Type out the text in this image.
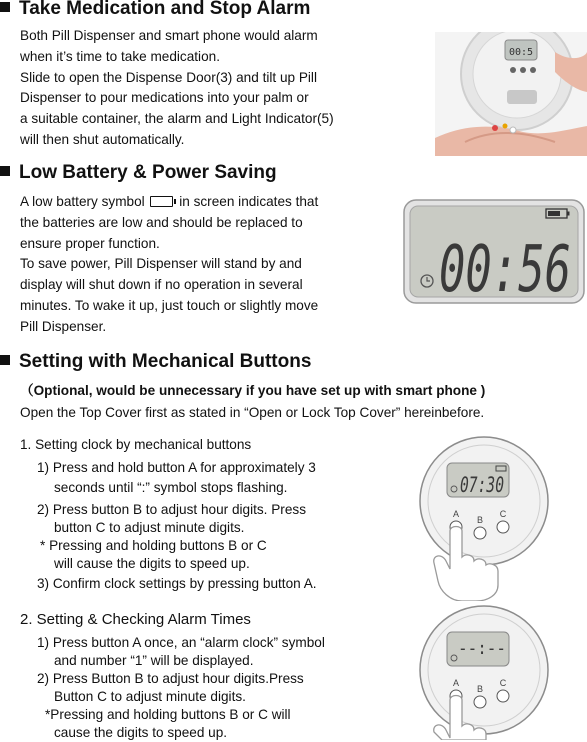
Take Medication and Stop Alarm
Both Pill Dispenser and smart phone would alarm
when it’s time to take medication.
Slide to open the Dispense Door(3) and tilt up Pill
Dispenser to pour medications into your palm or
a suitable container, the alarm and Light Indicator(5)
will then shut automatically.
00:5
Low Battery & Power Saving
A low battery symbol	in screen indicates that
the batteries are low and should be replaced to
ensure proper function.
To save power, Pill Dispenser will stand by and
display will shut down if no operation in several
minutes. To wake it up, just touch or slightly move
Pill Dispenser.
00:56
Setting with Mechanical Buttons
（Optional, would be unnecessary if you have set up with smart phone )
Open the Top Cover first as stated in “Open or Lock Top Cover” hereinbefore.
1. Setting clock by mechanical buttons
1) Press and hold button A for approximately 3
seconds until “:” symbol stops flashing.
2) Press button B to adjust hour digits. Press
button C to adjust minute digits.
* Pressing and holding buttons B or C
will cause the digits to speed up.
3) Confirm clock settings by pressing button A.
07:30
A
B
C
2. Setting & Checking Alarm Times
1) Press button A once, an “alarm clock” symbol
and number “1” will be displayed.
2) Press Button B to adjust hour digits.Press
Button C to adjust minute digits.
*Pressing and holding buttons B or C will
cause the digits to speed up.
--:--
A
B
C
